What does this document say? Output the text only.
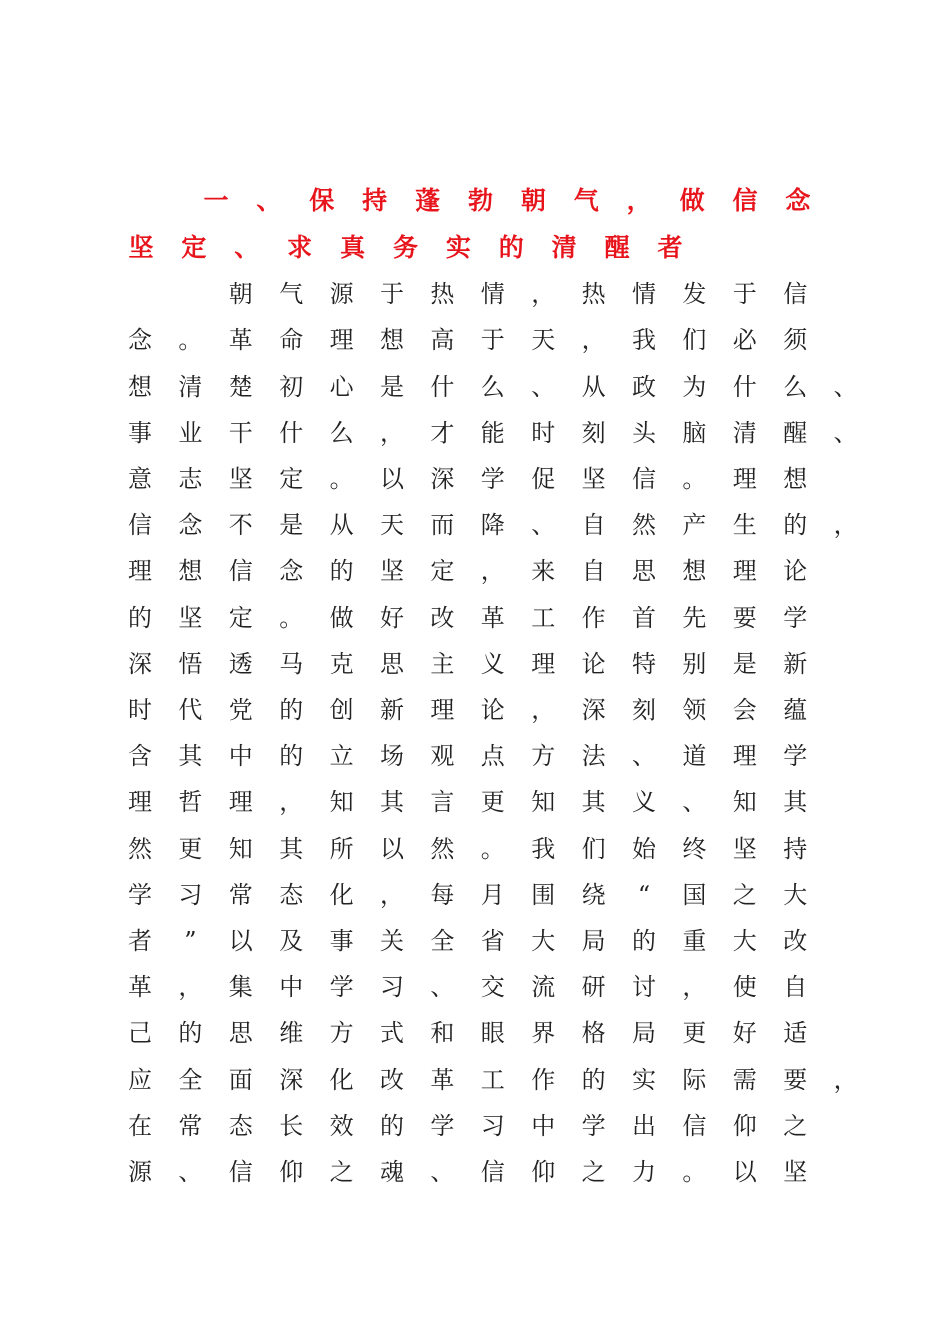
一 、 保 持 蓬 勃 朝 气 ， 做 信 念
坚 定 、 求 真 务 实 的 清 醒 者
朝 气 源 于 热 情 ， 热 情 发 于 信
念 。 革 命 理 想 高 于 天 ， 我 们 必 须
想 清 楚 初 心 是 什 么 、 从 政 为 什 么 、
事 业 干 什 么 ， 才 能 时 刻 头 脑 清 醒 、
意 志 坚 定 。 以 深 学 促 坚 信 。 理 想
信 念 不 是 从 天 而 降 、 自 然 产 生 的 ，
理 想 信 念 的 坚 定 ， 来 自 思 想 理 论
的 坚 定 。 做 好 改 革 工 作 首 先 要 学
深 悟 透 马 克 思 主 义 理 论 特 别 是 新
时 代 党 的 创 新 理 论 ， 深 刻 领 会 蕴
含 其 中 的 立 场 观 点 方 法 、 道 理 学
理 哲 理 ， 知 其 言 更 知 其 义 、 知 其
然 更 知 其 所 以 然 。 我 们 始 终 坚 持
学 习 常 态 化 ， 每 月 围 绕	“	国 之 大
者	”	以 及 事 关 全 省 大 局 的 重 大 改
革 ， 集 中 学 习 、 交 流 研 讨 ， 使 自
己 的 思 维 方 式 和 眼 界 格 局 更 好 适
应 全 面 深 化 改 革 工 作 的 实 际 需 要 ，
在 常 态 长 效 的 学 习 中 学 出 信 仰 之
源 、 信 仰 之 魂 、 信 仰 之 力 。 以 坚
